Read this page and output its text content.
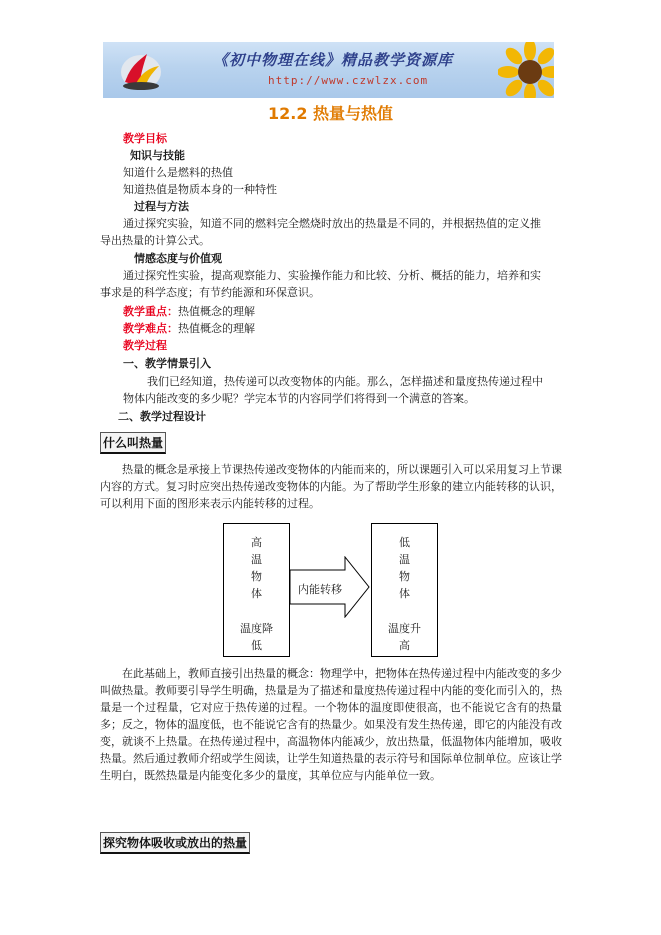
《初中物理在线》精品教学资源库
http://www.czwlzx.com
12.2 热量与热值
教学目标
知识与技能
知道什么是燃料的热值
知道热值是物质本身的一种特性
过程与方法
通过探究实验，知道不同的燃料完全燃烧时放出的热量是不同的，并根据热值的定义推
导出热量的计算公式。
情感态度与价值观
通过探究性实验，提高观察能力、实验操作能力和比较、分析、概括的能力，培养和实
事求是的科学态度；有节约能源和环保意识。
教学重点：热值概念的理解
教学难点：热值概念的理解
教学过程
一、教学情景引入
我们已经知道，热传递可以改变物体的内能。那么，怎样描述和量度热传递过程中
物体内能改变的多少呢？学完本节的内容同学们将得到一个满意的答案。
二、教学过程设计
什么叫热量
热量的概念是承接上节课热传递改变物体的内能而来的，所以课题引入可以采用复习上节课内容的方式。复习时应突出热传递改变物体的内能。为了帮助学生形象的建立内能转移的认识，可以利用下面的图形来表示内能转移的过程。
高
温
物
体
温度降
低
内能转移
低
温
物
体
温度升
高
在此基础上，教师直接引出热量的概念：物理学中，把物体在热传递过程中内能改变的多少叫做热量。教师要引导学生明确，热量是为了描述和量度热传递过程中内能的变化而引入的，热量是一个过程量，它对应于热传递的过程。一个物体的温度即使很高，也不能说它含有的热量多；反之，物体的温度低，也不能说它含有的热量少。如果没有发生热传递，即它的内能没有改变，就谈不上热量。在热传递过程中，高温物体内能减少，放出热量，低温物体内能增加，吸收热量。然后通过教师介绍或学生阅读，让学生知道热量的表示符号和国际单位制单位。应该让学生明白，既然热量是内能变化多少的量度，其单位应与内能单位一致。
探究物体吸收或放出的热量
